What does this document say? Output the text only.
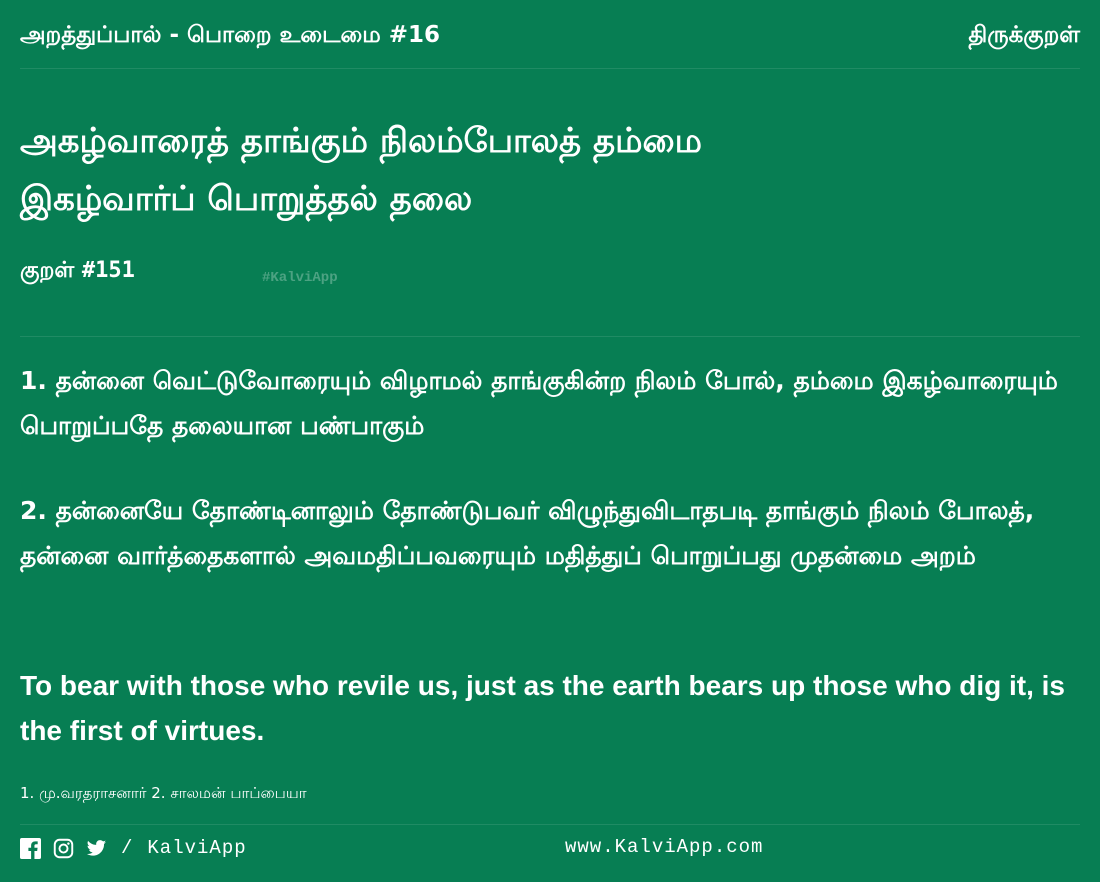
அறத்துப்பால் - பொறை உடைமை #16	திருக்குறள்
அகழ்வாரைத் தாங்கும் நிலம்போலத் தம்மை
இகழ்வார்ப் பொறுத்தல் தலை
குறள் #151	#KalviApp
1. தன்னை வெட்டுவோரையும் விழாமல் தாங்குகின்ற நிலம் போல், தம்மை இகழ்வாரையும் பொறுப்பதே தலையான பண்பாகும்
2. தன்னையே தோண்டினாலும் தோண்டுபவர் விழுந்துவிடாதபடி தாங்கும் நிலம் போலத், தன்னை வார்த்தைகளால் அவமதிப்பவரையும் மதித்துப் பொறுப்பது முதன்மை அறம்
To bear with those who revile us, just as the earth bears up those who dig it, is the first of virtues.
1. மு.வரதராசனார் 2. சாலமன் பாப்பையா
/ KalviApp	www.KalviApp.com
